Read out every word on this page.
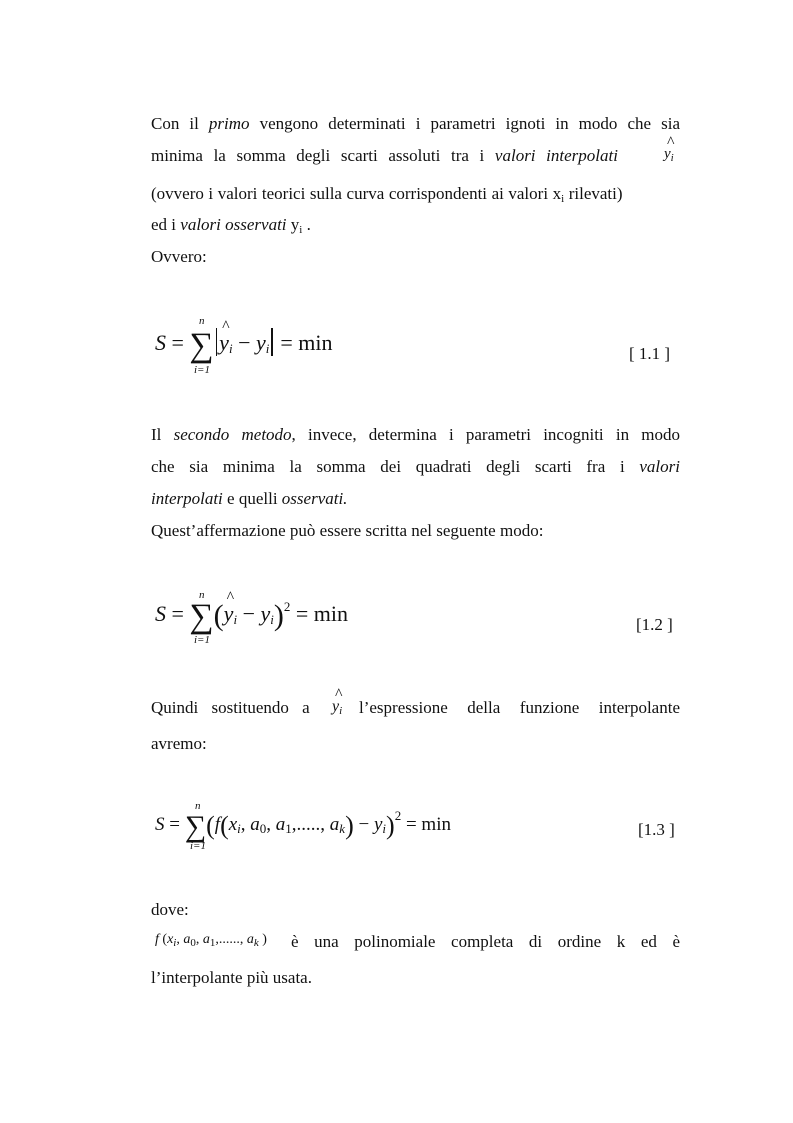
Con il primo vengono determinati i parametri ignoti in modo che sia
minima la somma degli scarti assoluti tra i valori interpolati	^ $y_i$
(ovvero i valori teorici sulla curva corrispondenti ai valori $x_i$ rilevati)
ed i valori osservati $y_i$ .
Ovvero:
n
i=1
S = ∑ ^ yi − yi = min	[ 1.1 ]
Il secondo metodo, invece, determina i parametri incogniti in modo
che sia minima la somma dei quadrati degli scarti fra i valori
interpolati e quelli osservati.
Quest’affermazione può essere scritta nel seguente modo:
n
i=1
S = ∑(^ yi − yi)$^2$ = min	[1.2 ]
Quindi sostituendo a	^ $y_i$ l’espressione della funzione interpolante
avremo:
n
i=1
S = ∑(f(xi, a0, a1,....., ak) − yi)$^2$ = min	[1.3 ]
dove:
f ($x_i$, $a_0$, $a_1$,......, $a_k$ ) è una polinomiale completa di ordine k ed è
l’interpolante più usata.
